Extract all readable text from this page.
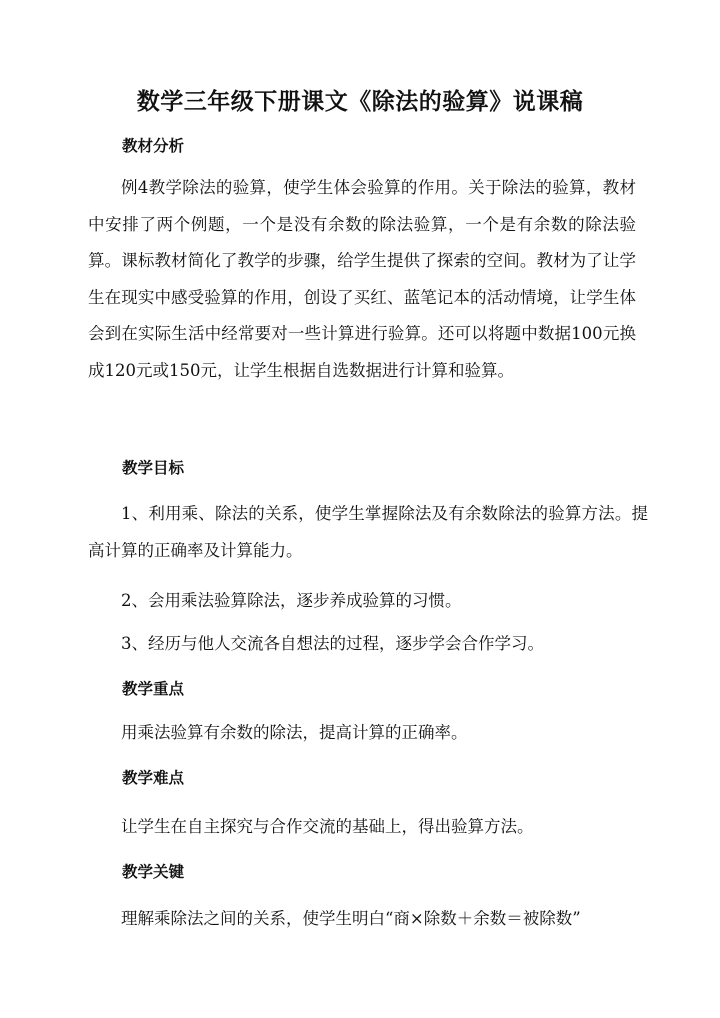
数学三年级下册课文《除法的验算》说课稿
教材分析

例4教学除法的验算，使学生体会验算的作用。关于除法的验算，教材中安排了两个例题，一个是没有余数的除法验算，一个是有余数的除法验算。课标教材简化了教学的步骤，给学生提供了探索的空间。教材为了让学生在现实中感受验算的作用，创设了买红、蓝笔记本的活动情境，让学生体会到在实际生活中经常要对一些计算进行验算。还可以将题中数据100元换成120元或150元，让学生根据自选数据进行计算和验算。

教学目标

1、利用乘、除法的关系，使学生掌握除法及有余数除法的验算方法。提高计算的正确率及计算能力。

2、会用乘法验算除法，逐步养成验算的习惯。

3、经历与他人交流各自想法的过程，逐步学会合作学习。

教学重点

用乘法验算有余数的除法，提高计算的正确率。

教学难点

让学生在自主探究与合作交流的基础上，得出验算方法。

教学关键

理解乘除法之间的关系，使学生明白“商×除数＋余数＝被除数”
